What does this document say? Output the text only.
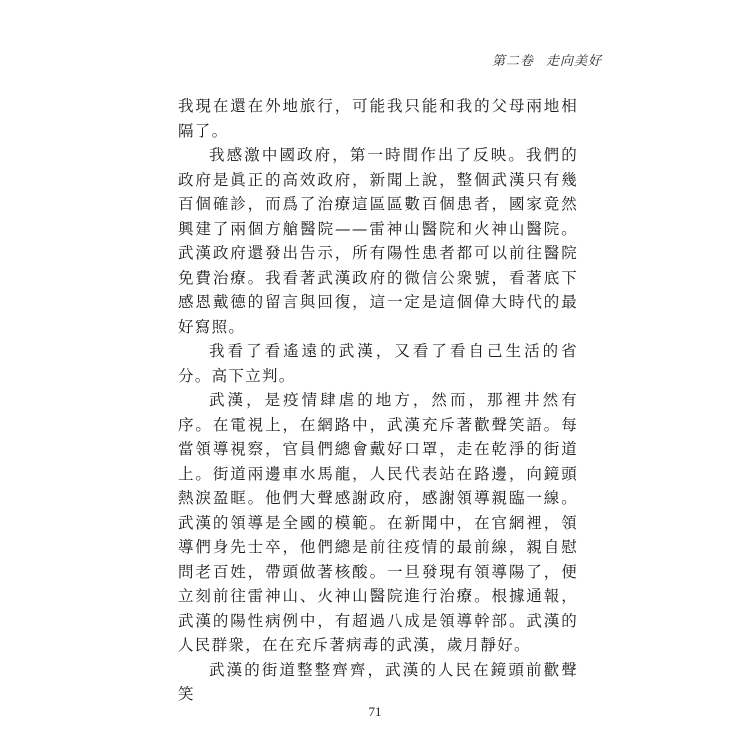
第二卷 走向美好

我現在還在外地旅行，可能我只能和我的父母兩地相隔了。

我感激中國政府，第一時間作出了反映。我們的政府是眞正的高效政府，新聞上說，整個武漢只有幾百個確診，而爲了治療這區區數百個患者，國家竟然興建了兩個方艙醫院——雷神山醫院和火神山醫院。武漢政府還發出告示，所有陽性患者都可以前往醫院免費治療。我看著武漢政府的微信公衆號，看著底下感恩戴德的留言與回復，這一定是這個偉大時代的最好寫照。

我看了看遙遠的武漢，又看了看自己生活的省分。高下立判。

武漢，是疫情肆虐的地方，然而，那裡井然有序。在電視上，在網路中，武漢充斥著歡聲笑語。每當領導視察，官員們總會戴好口罩，走在乾淨的街道上。街道兩邊車水馬龍，人民代表站在路邊，向鏡頭熱淚盈眶。他們大聲感謝政府，感謝領導親臨一線。武漢的領導是全國的模範。在新聞中，在官網裡，領導們身先士卒，他們總是前往疫情的最前線，親自慰問老百姓，帶頭做著核酸。一旦發現有領導陽了，便立刻前往雷神山、火神山醫院進行治療。根據通報，武漢的陽性病例中，有超過八成是領導幹部。武漢的人民群衆，在在充斥著病毒的武漢，歲月靜好。

武漢的街道整整齊齊，武漢的人民在鏡頭前歡聲笑

71
